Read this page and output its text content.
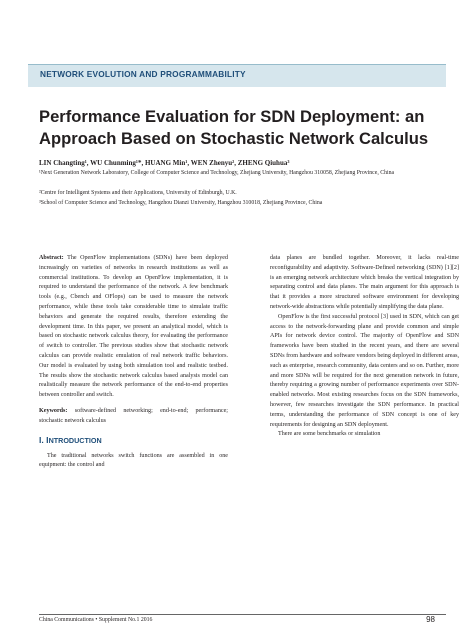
NETWORK EVOLUTION AND PROGRAMMABILITY
Performance Evaluation for SDN Deployment: an Approach Based on Stochastic Network Calculus
LIN Changting¹, WU Chunming¹*, HUANG Min¹, WEN Zhenyu², ZHENG Qiuhua³
¹Next Generation Network Laboratory, College of Computer Science and Technology, Zhejiang University, Hangzhou 310058, Zhejiang Province, China
²Centre for Intelligent Systems and their Applications, University of Edinburgh, U.K.
³School of Computer Science and Technology, Hangzhou Dianzi University, Hangzhou 310018, Zhejiang Province, China

Abstract: The OpenFlow implementations (SDNs) have been deployed increasingly on varieties of networks in research institutions as well as commercial institutions. To develop an OpenFlow implementation, it is required to understand the performance of the network. A few benchmark tools (e.g., Cbench and OFlops) can be used to measure the network performance, while these tools take considerable time to simulate traffic behaviors and generate the required results, therefore extending the development time. In this paper, we present an analytical model, which is based on stochastic network calculus theory, for evaluating the performance of switch to controller. The previous studies show that stochastic network calculus can provide realistic emulation of real network traffic behaviors. Our model is evaluated by using both simulation tool and realistic testbed. The results show the stochastic network calculus based analysis model can realistically measure the network performance of the end-to-end properties between controller and switch.

Keywords: software-defined networking; end-to-end; performance; stochastic network calculus

I. INTRODUCTION

The traditional networks switch functions are assembled in one equipment: the control and

data planes are bundled together. Moreover, it lacks real-time reconfigurability and adaptivity. Software-Defined networking (SDN) [1][2] is an emerging network architecture which breaks the vertical integration by separating control and data planes. The main argument for this approach is that it provides a more structured software environment for developing network-wide abstractions while potentially simplifying the data plane.

OpenFlow is the first successful protocol [3] used in SDN, which can get access to the network-forwarding plane and provide common and simple APIs for network device control. The majority of OpenFlow and SDN frameworks have been studied in the recent years, and there are several SDNs from hardware and software vendors being deployed in different areas, such as enterprise, research community, data centers and so on. Further, more and more SDNs will be required for the next generation network in future, thereby requiring a growing number of performance experiments over SDN-enabled networks. Most existing researches focus on the SDN frameworks, however, few researches investigate the SDN performance. In practical terms, understanding the performance of SDN concept is one of key requirements for designing an SDN deployment.

There are some benchmarks or simulation

China Communications • Supplement No.1 2016	98
